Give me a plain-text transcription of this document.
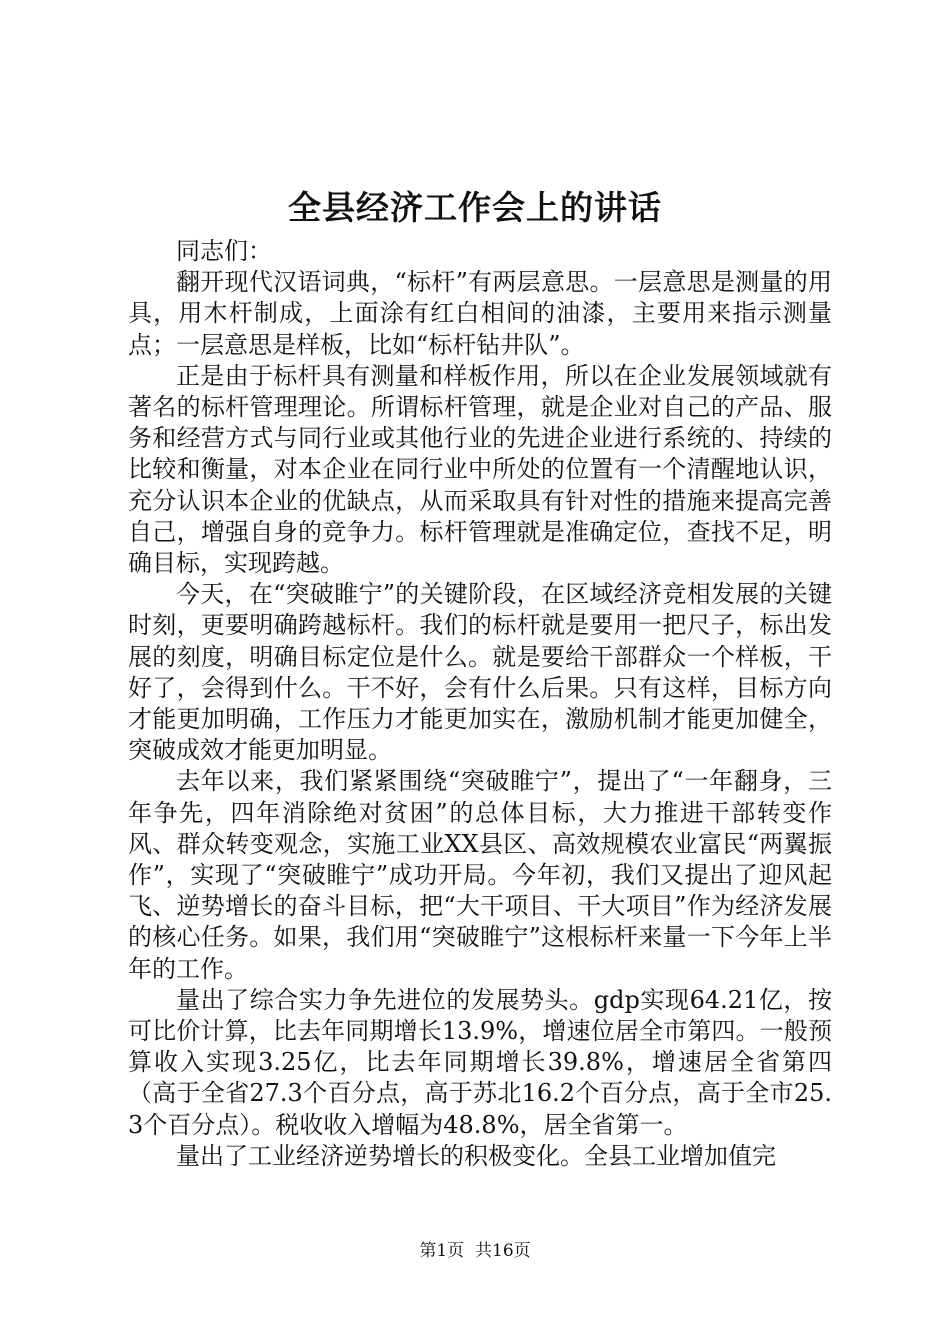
全县经济工作会上的讲话

同志们：

翻开现代汉语词典，“标杆”有两层意思。一层意思是测量的用具，用木杆制成，上面涂有红白相间的油漆，主要用来指示测量点；一层意思是样板，比如“标杆钻井队”。

正是由于标杆具有测量和样板作用，所以在企业发展领域就有著名的标杆管理理论。所谓标杆管理，就是企业对自己的产品、服务和经营方式与同行业或其他行业的先进企业进行系统的、持续的比较和衡量，对本企业在同行业中所处的位置有一个清醒地认识，充分认识本企业的优缺点，从而采取具有针对性的措施来提高完善自己，增强自身的竞争力。标杆管理就是准确定位，查找不足，明确目标，实现跨越。

今天，在“突破睢宁”的关键阶段，在区域经济竞相发展的关键时刻，更要明确跨越标杆。我们的标杆就是要用一把尺子，标出发展的刻度，明确目标定位是什么。就是要给干部群众一个样板，干好了，会得到什么。干不好，会有什么后果。只有这样，目标方向才能更加明确，工作压力才能更加实在，激励机制才能更加健全，突破成效才能更加明显。

去年以来，我们紧紧围绕“突破睢宁”，提出了“一年翻身，三年争先，四年消除绝对贫困”的总体目标，大力推进干部转变作风、群众转变观念，实施工业XX县区、高效规模农业富民“两翼振作”，实现了“突破睢宁”成功开局。今年初，我们又提出了迎风起飞、逆势增长的奋斗目标，把“大干项目、干大项目”作为经济发展的核心任务。如果，我们用“突破睢宁”这根标杆来量一下今年上半年的工作。

量出了综合实力争先进位的发展势头。gdp实现64.21亿，按可比价计算，比去年同期增长13.9%，增速位居全市第四。一般预算收入实现3.25亿，比去年同期增长39.8%，增速居全省第四（高于全省27.3个百分点，高于苏北16.2个百分点，高于全市25.3个百分点）。税收收入增幅为48.8%，居全省第一。

量出了工业经济逆势增长的积极变化。全县工业增加值完

第1页 共16页
